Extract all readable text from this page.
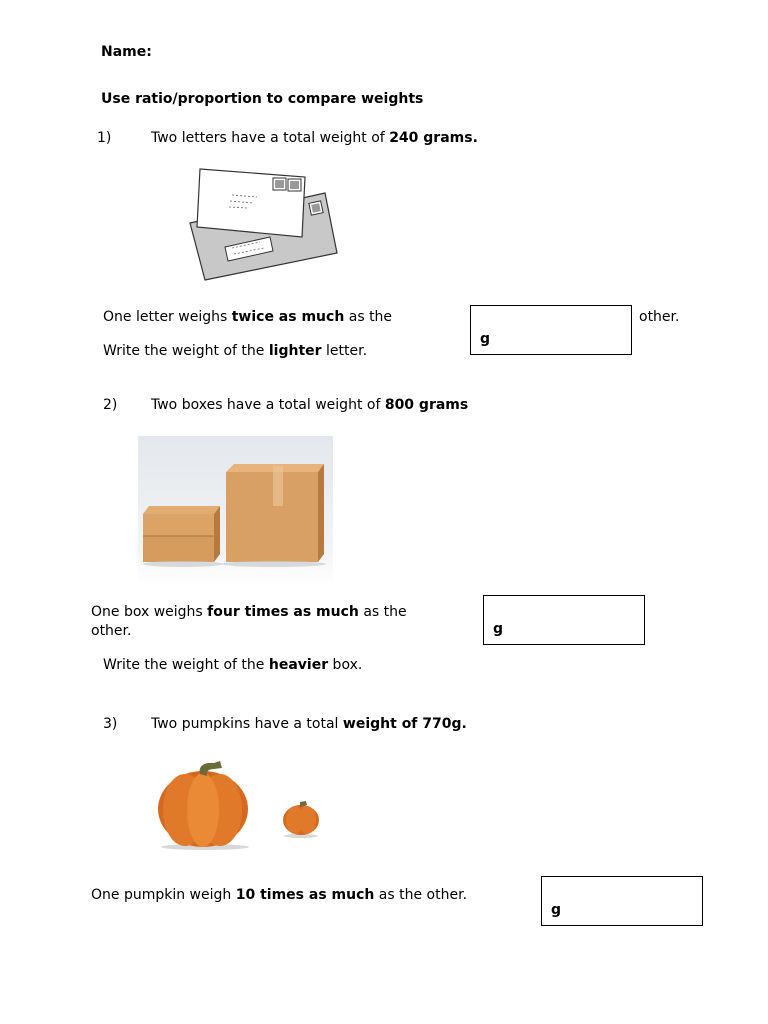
Name:
Use ratio/proportion to compare weights
1)	Two letters have a total weight of 240 grams.
One letter weighs twice as much as the	other.
Write the weight of the lighter letter.
g
2) Two boxes have a total weight of 800 grams
One box weighs four times as much as the
other.
Write the weight of the heavier box.
g
3) Two pumpkins have a total weight of 770g.
One pumpkin weigh 10 times as much as the other.
g
